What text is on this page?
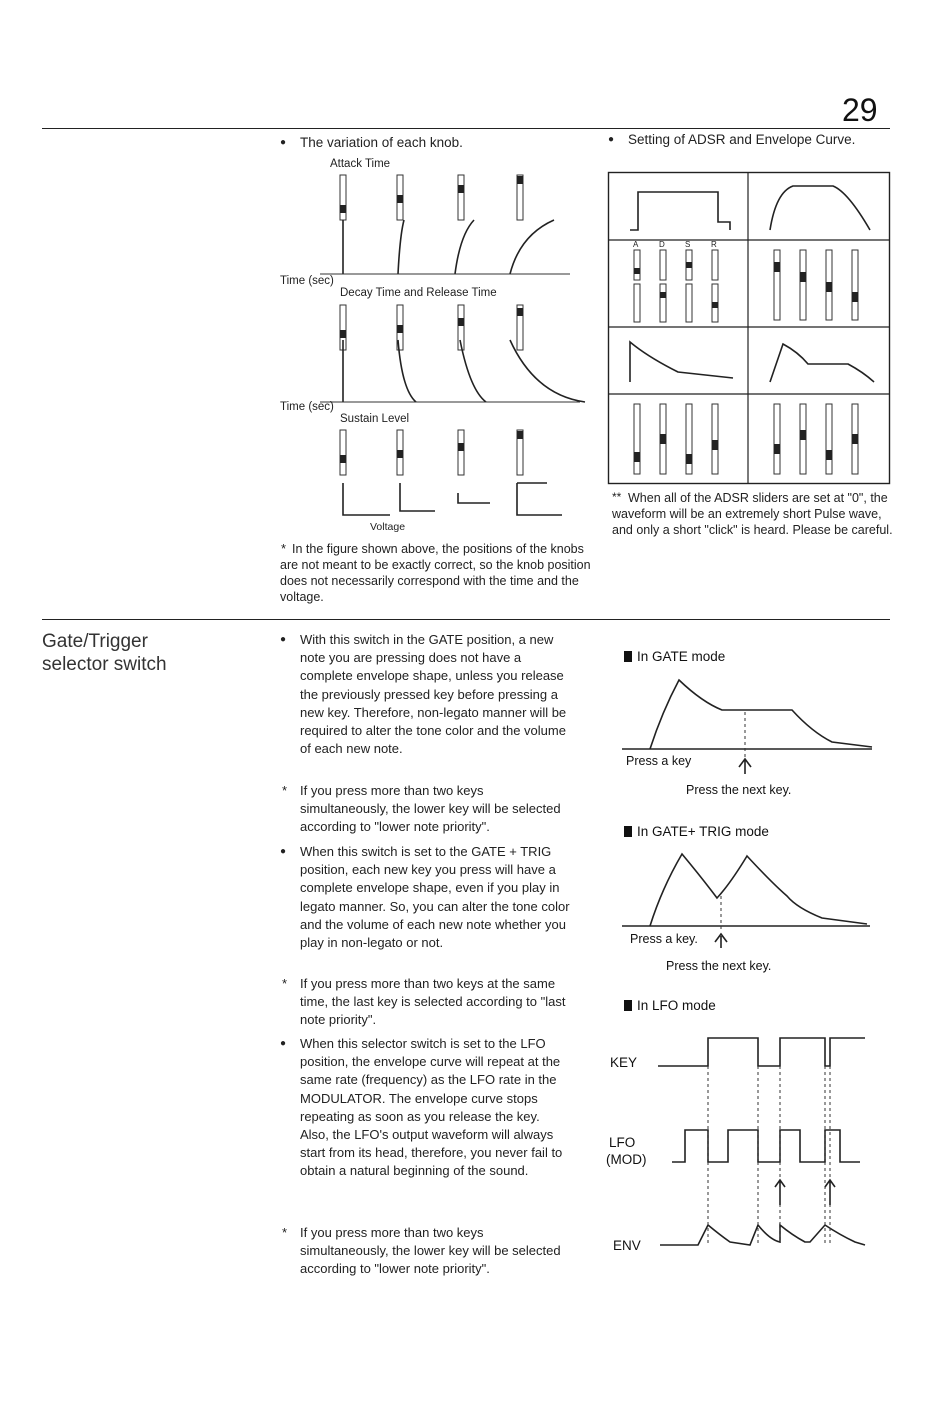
29
● The variation of each knob.
Attack Time
Time (sec)
Decay Time and Release Time
Time (sec)
Sustain Level
Voltage
* In the figure shown above, the positions of the knobs are not meant to be exactly correct, so the knob position does not necessarily correspond with the time and the voltage.
● Setting of ADSR and Envelope Curve.
A	D	S	R
** When all of the ADSR sliders are set at "0", the waveform will be an extremely short Pulse wave, and only a short "click" is heard. Please be careful.
Gate/Trigger
selector switch
● With this switch in the GATE position, a new note you are pressing does not have a complete envelope shape, unless you release the previously pressed key before pressing a new key. Therefore, non-legato manner will be required to alter the tone color and the volume of each new note.
* If you press more than two keys simultaneously, the lower key will be selected according to "lower note priority".
● When this switch is set to the GATE + TRIG position, each new key you press will have a complete envelope shape, even if you play in legato manner. So, you can alter the tone color and the volume of each new note whether you play in non-legato or not.
* If you press more than two keys at the same time, the last key is selected according to "last note priority".
● When this selector switch is set to the LFO position, the envelope curve will repeat at the same rate (frequency) as the LFO rate in the MODULATOR. The envelope curve stops repeating as soon as you release the key. Also, the LFO's output waveform will always start from its head, therefore, you never fail to obtain a natural beginning of the sound.
* If you press more than two keys simultaneously, the lower key will be selected according to "lower note priority".
In GATE mode
Press a key
Press the next key.
In GATE+ TRIG mode
Press a key.
Press the next key.
In LFO mode
KEY
LFO
(MOD)
ENV
